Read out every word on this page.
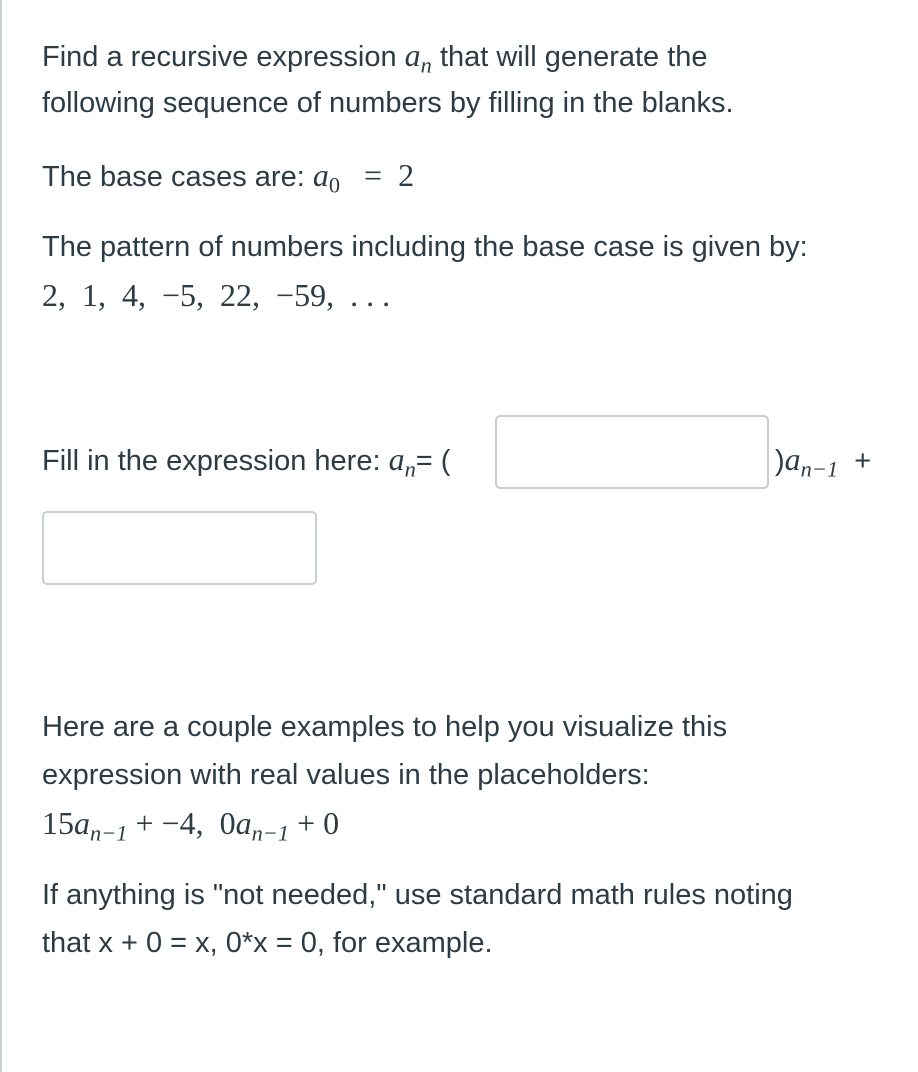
Find a recursive expression $a_n$ that will generate the

following sequence of numbers by filling in the blanks.

The base cases are: $a_0 = 2$

The pattern of numbers including the base case is given by:

2,  1,  4,  −5,  22,  −59,  . . .

Fill in the expression here: $a_n=$ (	)$a_{n-1}$ +

Here are a couple examples to help you visualize this

expression with real values in the placeholders:

$15a_{n-1} + -4$, $0a_{n-1} + 0$

If anything is "not needed," use standard math rules noting

that x + 0 = x, 0*x = 0, for example.
